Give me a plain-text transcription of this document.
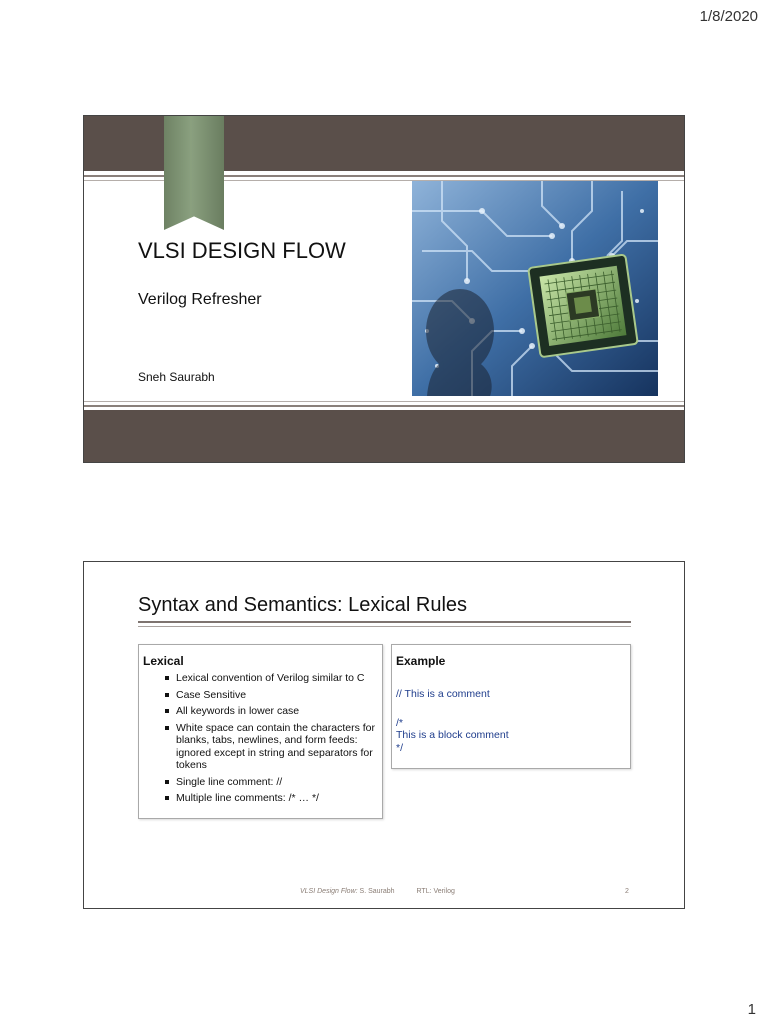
1/8/2020
VLSI DESIGN FLOW
Verilog Refresher
Sneh Saurabh
Syntax and Semantics: Lexical Rules
Lexical
Lexical convention of Verilog similar to C
Case Sensitive
All keywords in lower case
White space can contain the characters for blanks, tabs, newlines, and form feeds: ignored except in string and separators for tokens
Single line comment: //
Multiple line comments: /* … */
Example
// This is a comment
/*
This is a block comment
*/
VLSI Design Flow: S. Saurabh	RTL: Verilog	2
1
